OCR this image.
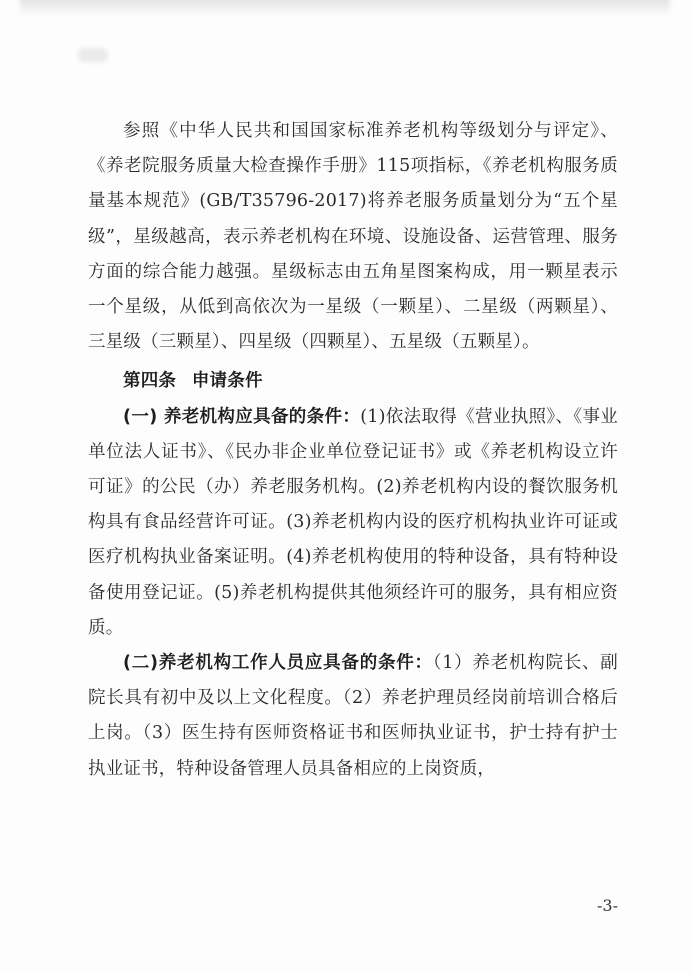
参照《中华人民共和国国家标准养老机构等级划分与评定》、《养老院服务质量大检查操作手册》115项指标，《养老机构服务质量基本规范》(GB/T35796-2017)将养老服务质量划分为“五个星级”，星级越高，表示养老机构在环境、设施设备、运营管理、服务方面的综合能力越强。星级标志由五角星图案构成，用一颗星表示一个星级，从低到高依次为一星级（一颗星）、二星级（两颗星）、三星级（三颗星）、四星级（四颗星）、五星级（五颗星）。

第四条 申请条件

(一) 养老机构应具备的条件：(1)依法取得《营业执照》、《事业单位法人证书》、《民办非企业单位登记证书》或《养老机构设立许可证》的公民（办）养老服务机构。(2)养老机构内设的餐饮服务机构具有食品经营许可证。(3)养老机构内设的医疗机构执业许可证或医疗机构执业备案证明。(4)养老机构使用的特种设备，具有特种设备使用登记证。(5)养老机构提供其他须经许可的服务，具有相应资质。

(二)养老机构工作人员应具备的条件：（1）养老机构院长、副院长具有初中及以上文化程度。（2）养老护理员经岗前培训合格后上岗。（3）医生持有医师资格证书和医师执业证书，护士持有护士执业证书，特种设备管理人员具备相应的上岗资质，

-3-
